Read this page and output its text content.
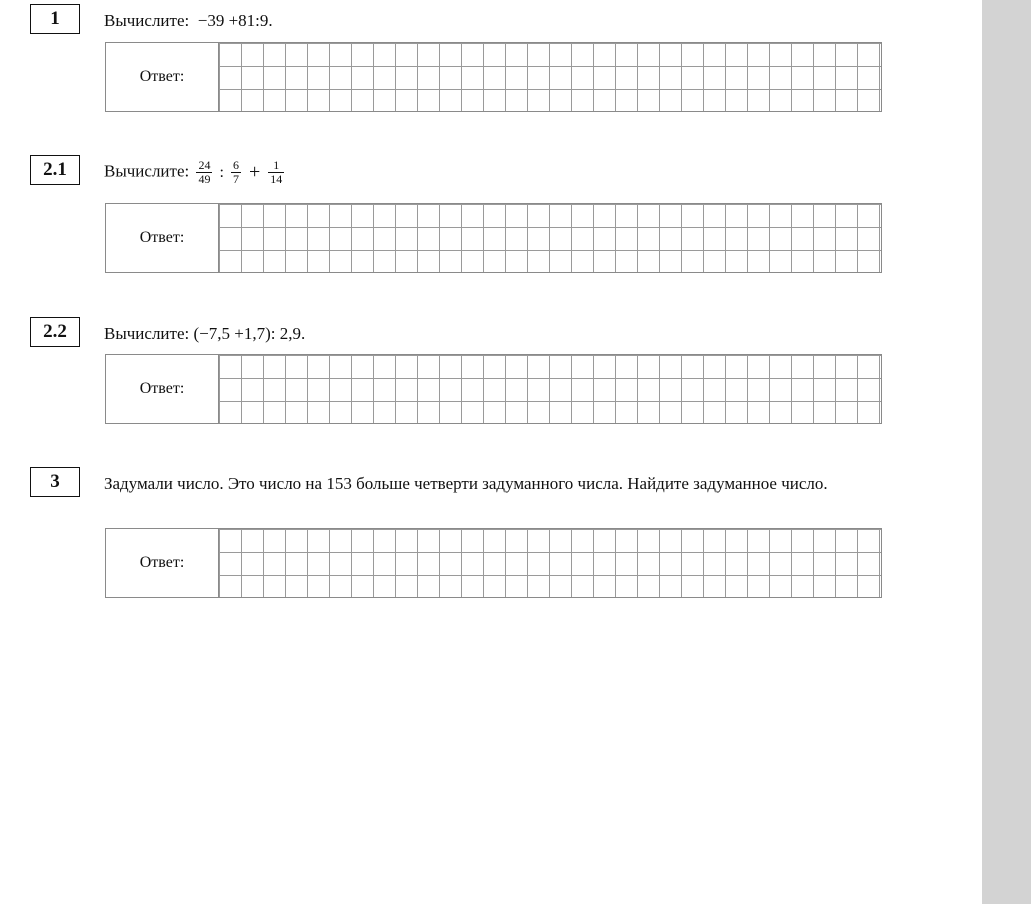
1	Вычислите: −39 +81:9.
Ответ:
2.1	Вычислите: $\frac{24}{49}$ : $\frac{6}{7} + \frac{1}{14}$
Ответ:
2.2	Вычислите: (−7,5 +1,7): 2,9.
Ответ:
3	Задумали число. Это число на 153 больше четверти задуманного числа. Найдите задуманное число.
Ответ:
